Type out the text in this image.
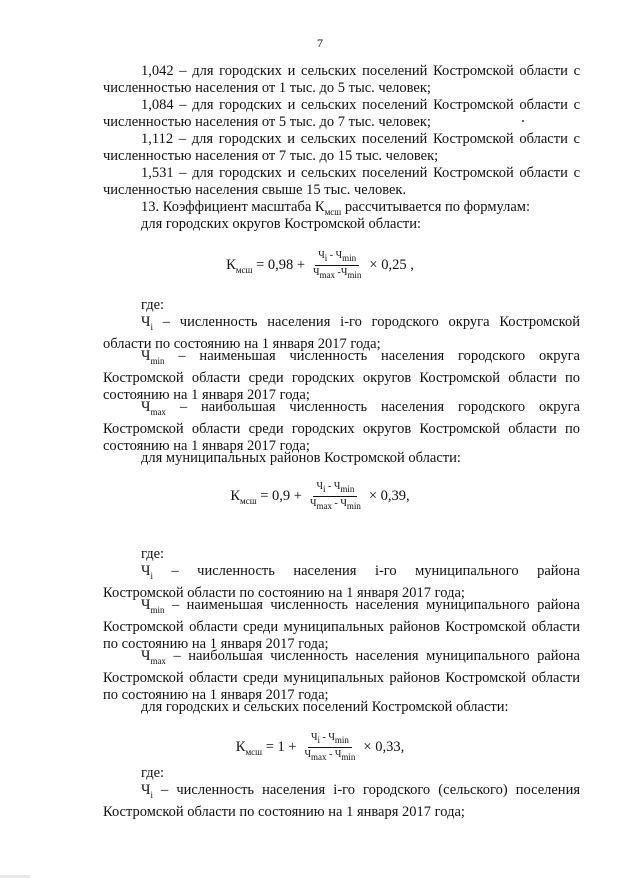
7
1,042 – для городских и сельских поселений Костромской области с
численностью населения от 1 тыс. до 5 тыс. человек;
1,084 – для городских и сельских поселений Костромской области с
численностью населения от 5 тыс. до 7 тыс. человек;
1,112 – для городских и сельских поселений Костромской области с
численностью населения от 7 тыс. до 15 тыс. человек;
1,531 – для городских и сельских поселений Костромской области с
численностью населения свыше 15 тыс. человек.
13. Коэффициент масштаба $К_{мсш}$ рассчитывается по формулам:
для городских округов Костромской области:
$К_{мсш} = 0,98 + \frac{Ч_i - Ч_{min}}{Ч_{max} -Ч_{min}} \times 0,25$ ,
где:
$Ч_i$ – численность населения i-го городского округа Костромской
области по состоянию на 1 января 2017 года;
$Ч_{min}$ – наименьшая численность населения городского округа
Костромской области среди городских округов Костромской области по
состоянию на 1 января 2017 года;
$Ч_{max}$ – наибольшая численность населения городского округа
Костромской области среди городских округов Костромской области по
состоянию на 1 января 2017 года;
для муниципальных районов Костромской области:
$К_{мсш} = 0,9 + \frac{Ч_i - Ч_{min}}{Ч_{max} - Ч_{min}} \times 0,39$,
где:
$Ч_i$ – численность населения i-го муниципального района
Костромской области по состоянию на 1 января 2017 года;
$Ч_{min}$ – наименьшая численность населения муниципального района
Костромской области среди муниципальных районов Костромской области
по состоянию на 1 января 2017 года;
$Ч_{max}$ – наибольшая численность населения муниципального района
Костромской области среди муниципальных районов Костромской области
по состоянию на 1 января 2017 года;
для городских и сельских поселений Костромской области:
$К_{мсш} = 1 + \frac{Ч_i - Ч_{min}}{Ч_{max} - Ч_{min}} \times 0,33$,
где:
$Ч_i$ – численность населения i-го городского (сельского) поселения
Костромской области по состоянию на 1 января 2017 года;
